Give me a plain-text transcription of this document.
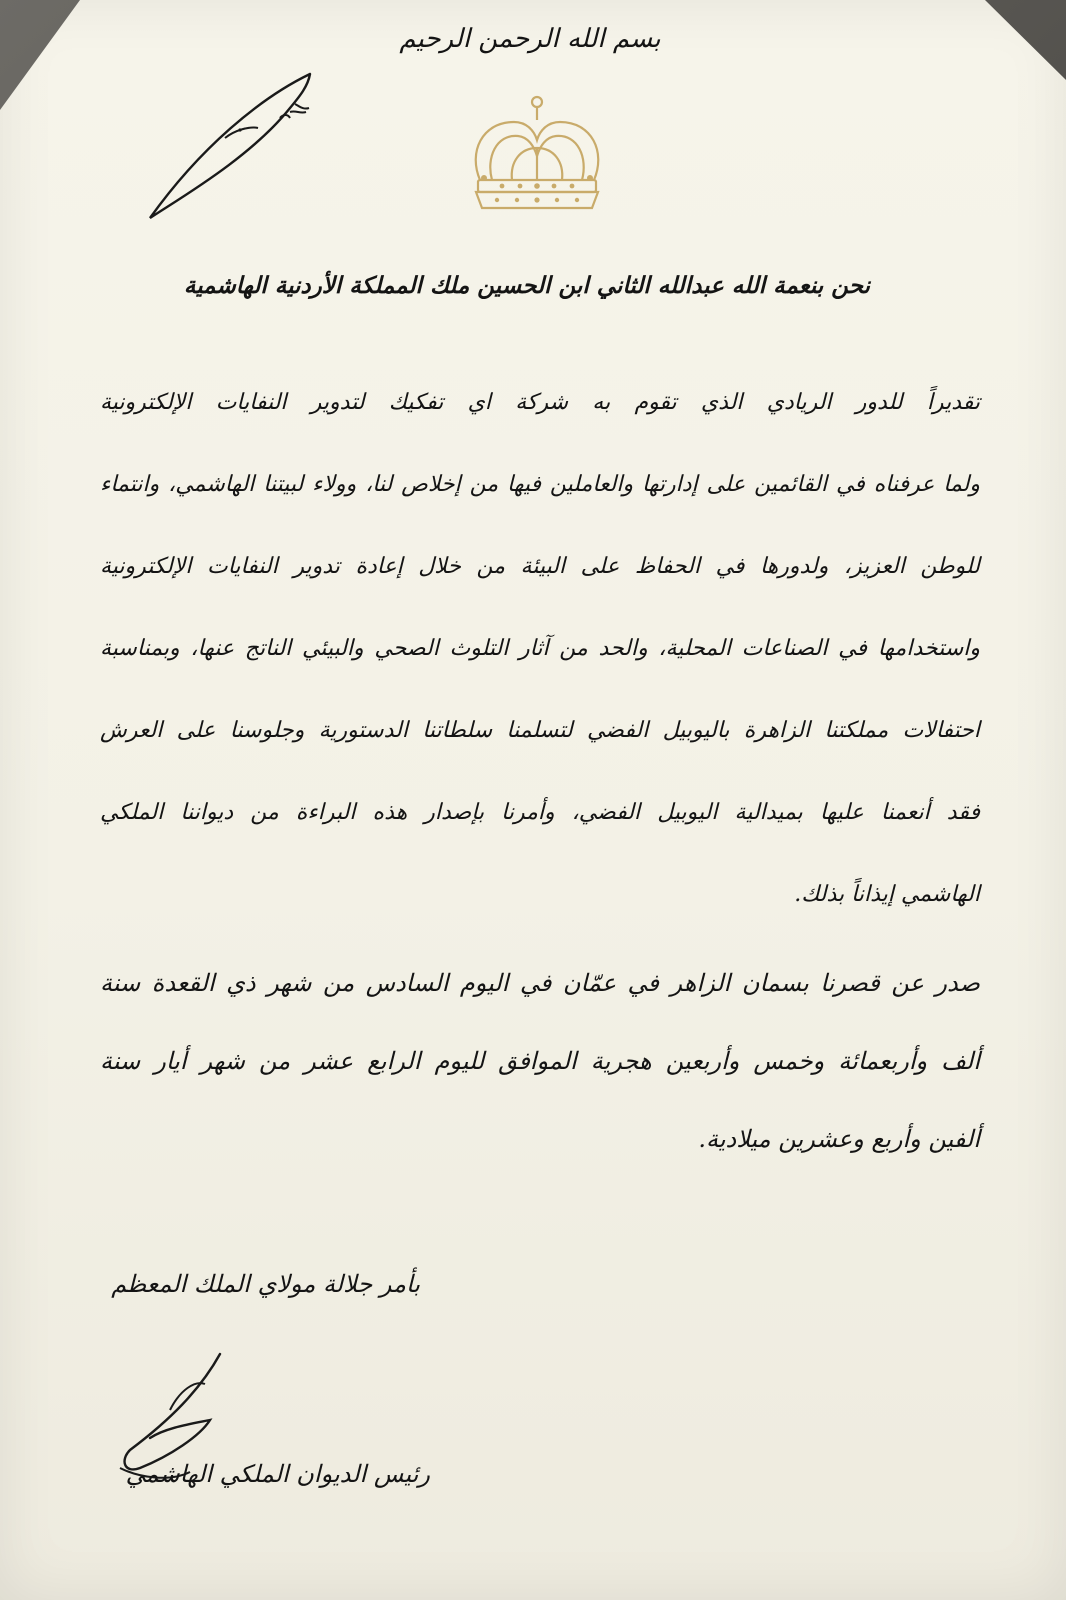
بسم الله الرحمن الرحيم
نحن بنعمة الله عبدالله الثاني ابن الحسين ملك المملكة الأردنية الهاشمية
تقديراً للدور الريادي الذي تقوم به شركة اي تفكيك لتدوير النفايات الإلكترونية
ولما عرفناه في القائمين على إدارتها والعاملين فيها من إخلاص لنا، وولاء لبيتنا الهاشمي، وانتماء
للوطن العزيز، ولدورها في الحفاظ على البيئة من خلال إعادة تدوير النفايات الإلكترونية
واستخدامها في الصناعات المحلية، والحد من آثار التلوث الصحي والبيئي الناتج عنها، وبمناسبة
احتفالات مملكتنا الزاهرة باليوبيل الفضي لتسلمنا سلطاتنا الدستورية وجلوسنا على العرش
فقد أنعمنا عليها بميدالية اليوبيل الفضي، وأمرنا بإصدار هذه البراءة من ديواننا الملكي
الهاشمي إيذاناً بذلك.
صدر عن قصرنا بسمان الزاهر في عمّان في اليوم السادس من شهر ذي القعدة سنة
ألف وأربعمائة وخمس وأربعين هجرية الموافق لليوم الرابع عشر من شهر أيار سنة
ألفين وأربع وعشرين ميلادية.
بأمر جلالة مولاي الملك المعظم
رئيس الديوان الملكي الهاشمي
